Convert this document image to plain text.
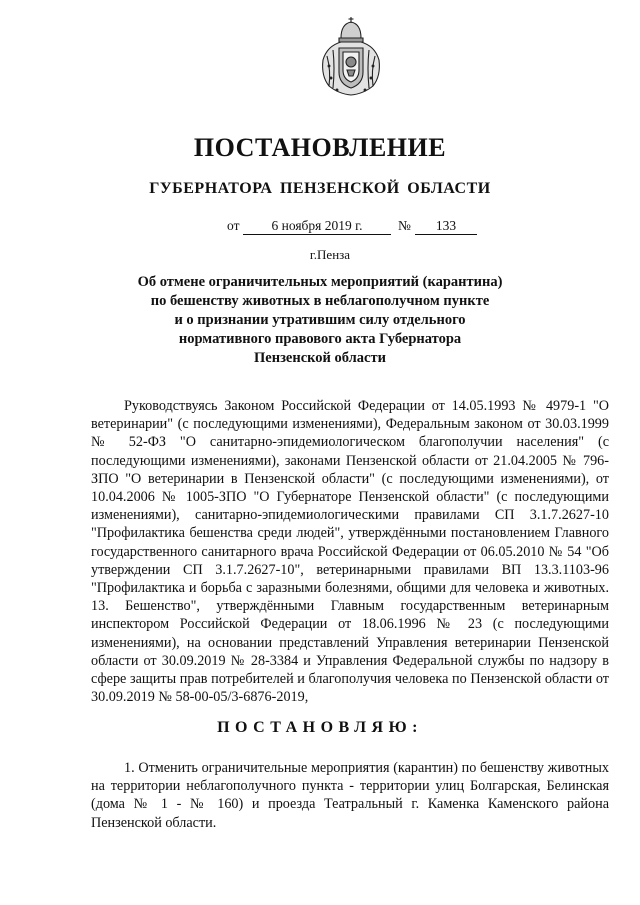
ПОСТАНОВЛЕНИЕ
ГУБЕРНАТОРА ПЕНЗЕНСКОЙ ОБЛАСТИ
от	6 ноября 2019 г.	№	133
г.Пенза
Об отмене ограничительных мероприятий (карантина)
по бешенству животных в неблагополучном пункте
и о признании утратившим силу отдельного
нормативного правового акта Губернатора
Пензенской области

Руководствуясь Законом Российской Федерации от 14.05.1993 № 4979-1 "О ветеринарии" (с последующими изменениями), Федеральным законом от 30.03.1999 № 52-ФЗ "О санитарно-эпидемиологическом благополучии населения" (с последующими изменениями), законами Пензенской области от 21.04.2005 № 796-ЗПО "О ветеринарии в Пензенской области" (с последующими изменениями), от 10.04.2006 № 1005-ЗПО "О Губернаторе Пензенской области" (с последующими изменениями), санитарно-эпидемиологическими правилами СП 3.1.7.2627-10 "Профилактика бешенства среди людей", утверждёнными постановлением Главного государственного санитарного врача Российской Федерации от 06.05.2010 № 54 "Об утверждении СП 3.1.7.2627-10", ветеринарными правилами ВП 13.3.1103-96 "Профилактика и борьба с заразными болезнями, общими для человека и животных. 13. Бешенство", утверждёнными Главным государственным ветеринарным инспектором Российской Федерации от 18.06.1996 № 23 (с последующими изменениями), на основании представлений Управления ветеринарии Пензенской области от 30.09.2019 № 28-3384 и Управления Федеральной службы по надзору в сфере защиты прав потребителей и благополучия человека по Пензенской области от 30.09.2019 № 58-00-05/3-6876-2019,

ПОСТАНОВЛЯЮ:

1. Отменить ограничительные мероприятия (карантин) по бешенству животных на территории неблагополучного пункта - территории улиц Болгарская, Белинская (дома № 1 - № 160) и проезда Театральный г. Каменка Каменского района Пензенской области.
